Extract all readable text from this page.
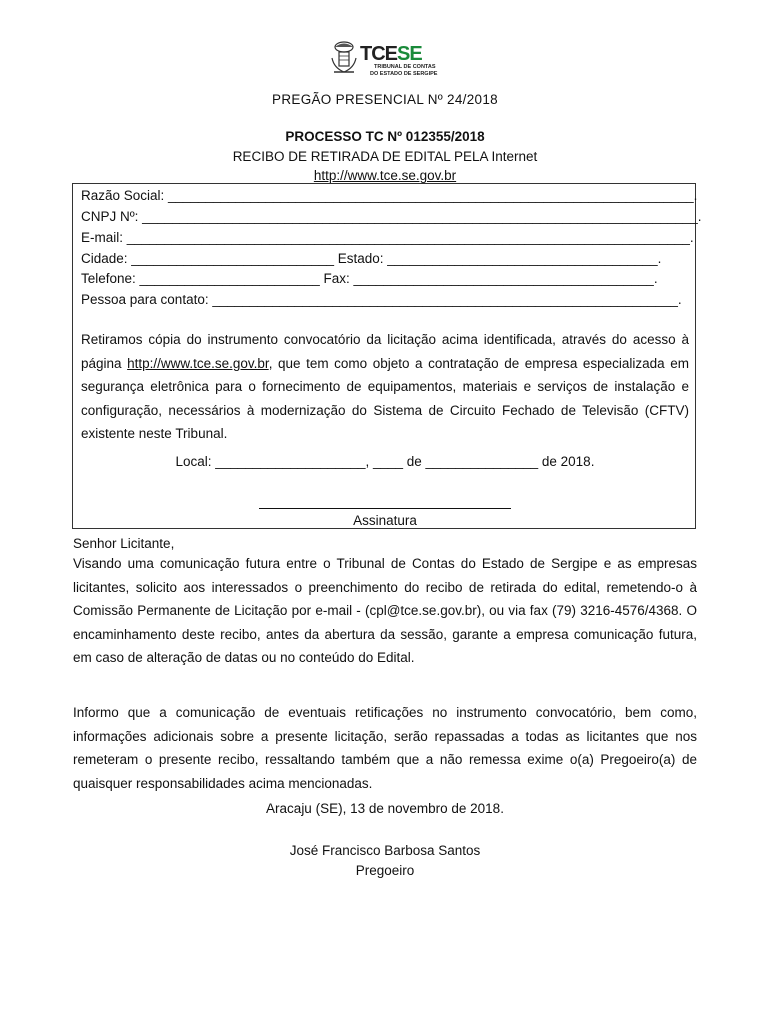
TCESE
TRIBUNAL DE CONTAS
DO ESTADO DE SERGIPE
PREGÃO PRESENCIAL Nº 24/2018
PROCESSO TC Nº 012355/2018
RECIBO DE RETIRADA DE EDITAL PELA Internet
http://www.tce.se.gov.br
Razão Social: ______________________________________________________________________.
CNPJ Nº: __________________________________________________________________________.
E-mail: ___________________________________________________________________________.
Cidade: ___________________________ Estado: ____________________________________.
Telefone: ________________________ Fax: ________________________________________.
Pessoa para contato: ______________________________________________________________.
Retiramos cópia do instrumento convocatório da licitação acima identificada, através do acesso à página http://www.tce.se.gov.br, que tem como objeto a contratação de empresa especializada em segurança eletrônica para o fornecimento de equipamentos, materiais e serviços de instalação e configuração, necessários à modernização do Sistema de Circuito Fechado de Televisão (CFTV) existente neste Tribunal.
Local: ____________________, ____ de _______________ de 2018.
Assinatura
Senhor Licitante,
Visando uma comunicação futura entre o Tribunal de Contas do Estado de Sergipe e as empresas licitantes, solicito aos interessados o preenchimento do recibo de retirada do edital, remetendo-o à Comissão Permanente de Licitação por e-mail - (cpl@tce.se.gov.br), ou via fax (79) 3216-4576/4368. O encaminhamento deste recibo, antes da abertura da sessão, garante a empresa comunicação futura, em caso de alteração de datas ou no conteúdo do Edital.
Informo que a comunicação de eventuais retificações no instrumento convocatório, bem como, informações adicionais sobre a presente licitação, serão repassadas a todas as licitantes que nos remeteram o presente recibo, ressaltando também que a não remessa exime o(a) Pregoeiro(a) de quaisquer responsabilidades acima mencionadas.
Aracaju (SE), 13 de novembro de 2018.
José Francisco Barbosa Santos
Pregoeiro
